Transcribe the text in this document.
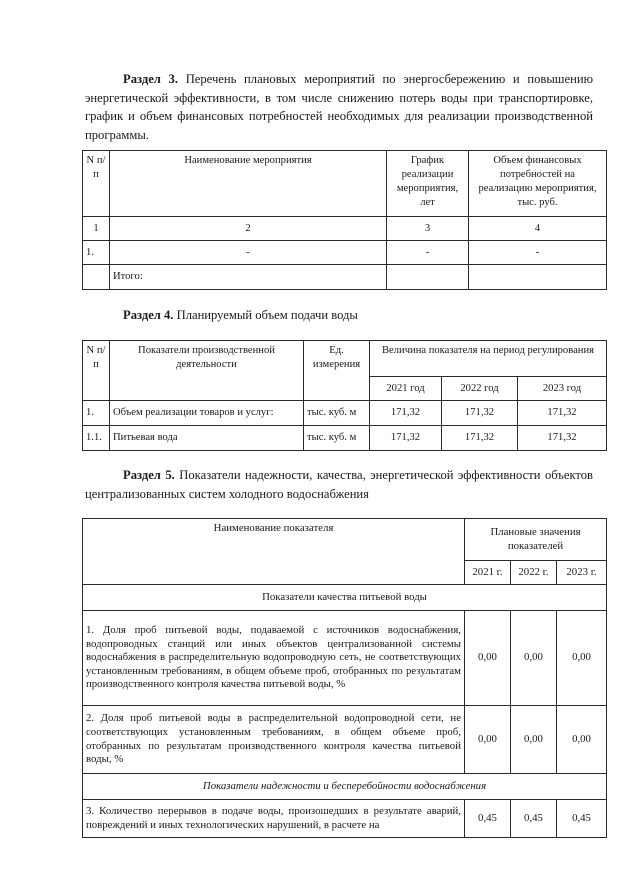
Раздел 3. Перечень плановых мероприятий по энергосбережению и повышению энергетической эффективности, в том числе снижению потерь воды при транспортировке, график и объем финансовых потребностей необходимых для реализации производственной программы.
N п/п	Наименование мероприятия	График реализации мероприятия, лет	Объем финансовых потребностей на реализацию мероприятия, тыс. руб.
1	2	3	4
1.	-	-	-
	Итого:		
Раздел 4. Планируемый объем подачи воды
N п/п	Показатели производственной деятельности	Ед. измерения	Величина показателя на период регулирования		
			2021 год	2022 год	2023 год
1.	Объем реализации товаров и услуг:	тыс. куб. м	171,32	171,32	171,32
1.1.	Питьевая вода	тыс. куб. м	171,32	171,32	171,32
Раздел 5. Показатели надежности, качества, энергетической эффективности объектов централизованных систем холодного водоснабжения
Наименование показателя	Плановые значения показателей		
	2021 г.	2022 г.	2023 г.
Показатели качества питьевой воды			
1. Доля проб питьевой воды, подаваемой с источников водоснабжения, водопроводных станций или иных объектов централизованной системы водоснабжения в распределительную водопроводную сеть, не соответствующих установленным требованиям, в общем объеме проб, отобранных по результатам производственного контроля качества питьевой воды, %	0,00	0,00	0,00
2. Доля проб питьевой воды в распределительной водопроводной сети, не соответствующих установленным требованиям, в общем объеме проб, отобранных по результатам производственного контроля качества питьевой воды, %	0,00	0,00	0,00
Показатели надежности и бесперебойности водоснабжения			
3. Количество перерывов в подаче воды, произошедших в результате аварий, повреждений и иных технологических нарушений, в расчете на	0,45	0,45	0,45
